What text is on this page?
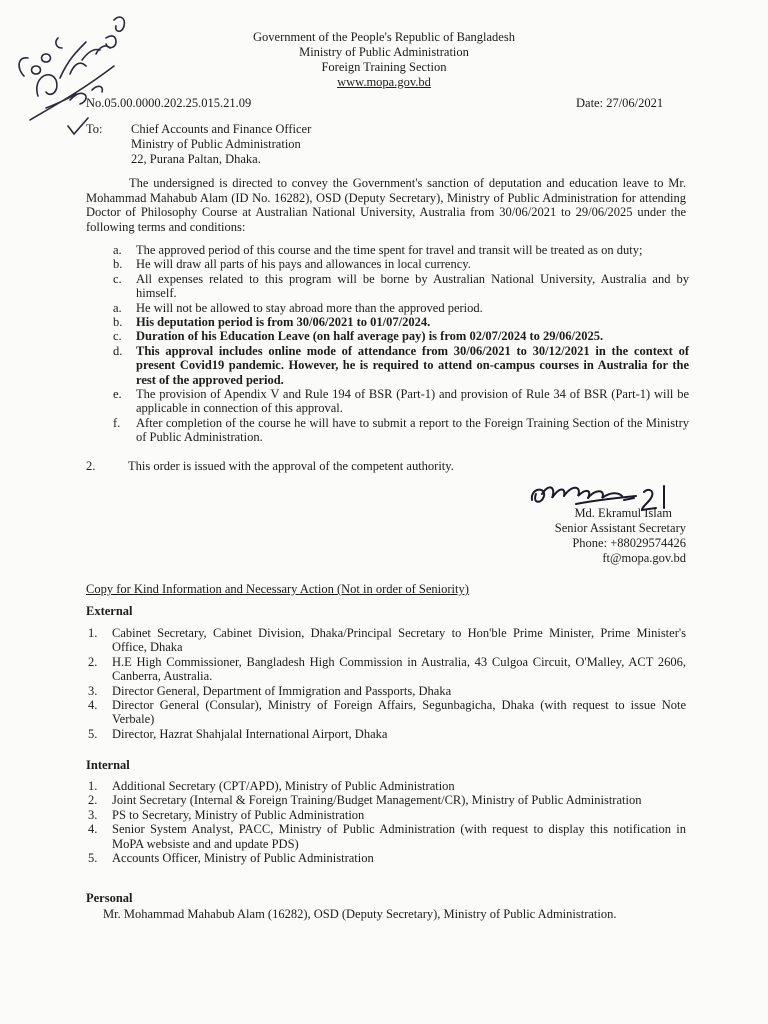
Government of the People's Republic of Bangladesh
Ministry of Public Administration
Foreign Training Section
www.mopa.gov.bd
No.05.00.0000.202.25.015.21.09	Date: 27/06/2021
To: Chief Accounts and Finance Officer
Ministry of Public Administration
22, Purana Paltan, Dhaka.
The undersigned is directed to convey the Government's sanction of deputation and education leave to Mr. Mohammad Mahabub Alam (ID No. 16282), OSD (Deputy Secretary), Ministry of Public Administration for attending Doctor of Philosophy Course at Australian National University, Australia from 30/06/2021 to 29/06/2025 under the following terms and conditions:
a.	The approved period of this course and the time spent for travel and transit will be treated as on duty;
b.	He will draw all parts of his pays and allowances in local currency.
c.	All expenses related to this program will be borne by Australian National University, Australia and by himself.
a.	He will not be allowed to stay abroad more than the approved period.
b.	His deputation period is from 30/06/2021 to 01/07/2024.
c.	Duration of his Education Leave (on half average pay) is from 02/07/2024 to 29/06/2025.
d.	This approval includes online mode of attendance from 30/06/2021 to 30/12/2021 in the context of present Covid19 pandemic. However, he is required to attend on-campus courses in Australia for the rest of the approved period.
e.	The provision of Apendix V and Rule 194 of BSR (Part-1) and provision of Rule 34 of BSR (Part-1) will be applicable in connection of this approval.
f.	After completion of the course he will have to submit a report to the Foreign Training Section of the Ministry of Public Administration.
2.	This order is issued with the approval of the competent authority.
Md. Ekramul Islam
Senior Assistant Secretary
Phone: +88029574426
ft@mopa.gov.bd
Copy for Kind Information and Necessary Action (Not in order of Seniority)
External
1.	Cabinet Secretary, Cabinet Division, Dhaka/Principal Secretary to Hon'ble Prime Minister, Prime Minister's Office, Dhaka
2.	H.E High Commissioner, Bangladesh High Commission in Australia, 43 Culgoa Circuit, O'Malley, ACT 2606, Canberra, Australia.
3.	Director General, Department of Immigration and Passports, Dhaka
4.	Director General (Consular), Ministry of Foreign Affairs, Segunbagicha, Dhaka (with request to issue Note Verbale)
5.	Director, Hazrat Shahjalal International Airport, Dhaka
Internal
1.	Additional Secretary (CPT/APD), Ministry of Public Administration
2.	Joint Secretary (Internal & Foreign Training/Budget Management/CR), Ministry of Public Administration
3.	PS to Secretary, Ministry of Public Administration
4.	Senior System Analyst, PACC, Ministry of Public Administration (with request to display this notification in MoPA websiste and and update PDS)
5.	Accounts Officer, Ministry of Public Administration
Personal
Mr. Mohammad Mahabub Alam (16282), OSD (Deputy Secretary), Ministry of Public Administration.
